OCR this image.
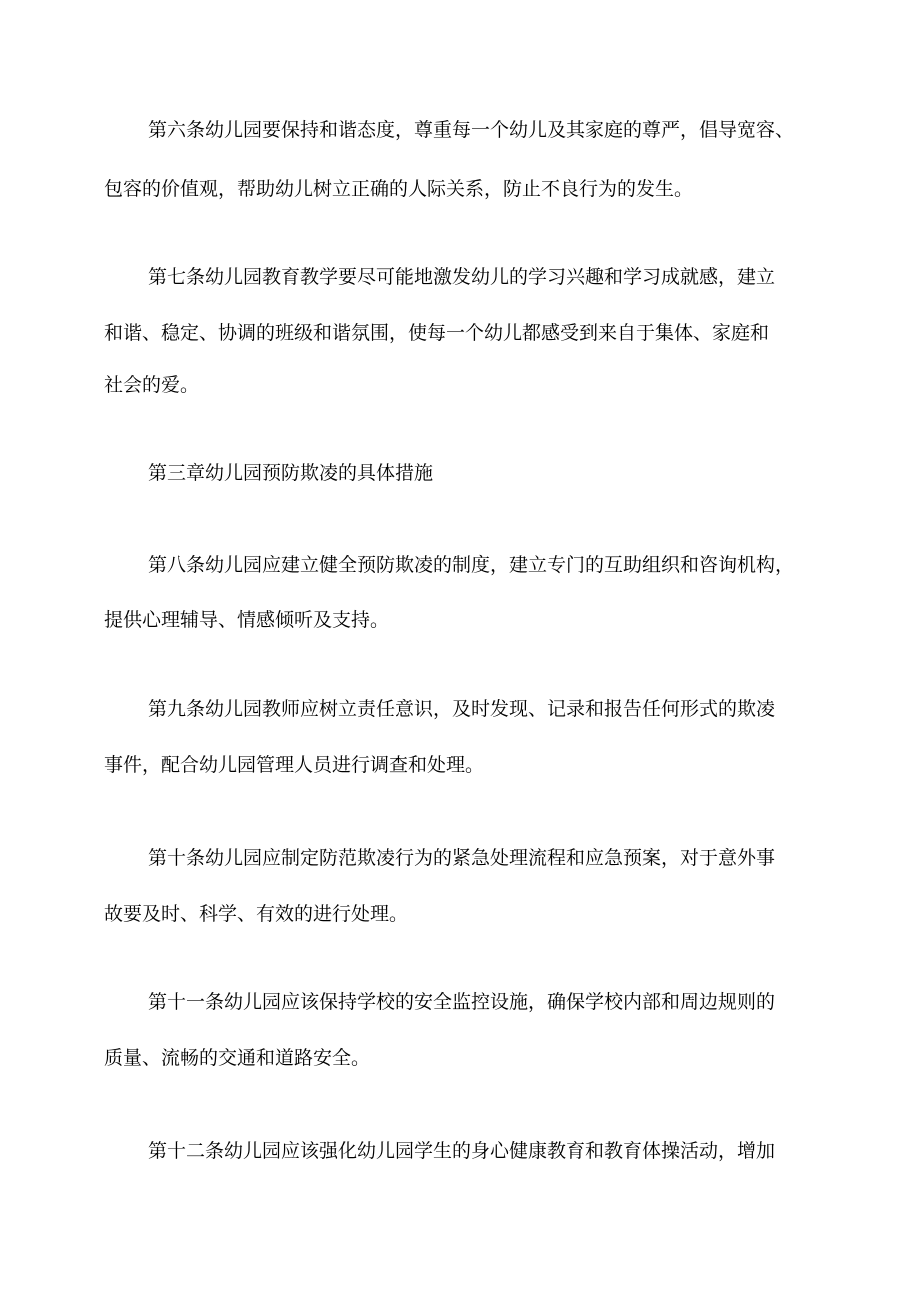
第六条幼儿园要保持和谐态度，尊重每一个幼儿及其家庭的尊严，倡导宽容、
包容的价值观，帮助幼儿树立正确的人际关系，防止不良行为的发生。
第七条幼儿园教育教学要尽可能地激发幼儿的学习兴趣和学习成就感，建立
和谐、稳定、协调的班级和谐氛围，使每一个幼儿都感受到来自于集体、家庭和
社会的爱。
第三章幼儿园预防欺凌的具体措施
第八条幼儿园应建立健全预防欺凌的制度，建立专门的互助组织和咨询机构，
提供心理辅导、情感倾听及支持。
第九条幼儿园教师应树立责任意识，及时发现、记录和报告任何形式的欺凌
事件，配合幼儿园管理人员进行调查和处理。
第十条幼儿园应制定防范欺凌行为的紧急处理流程和应急预案，对于意外事
故要及时、科学、有效的进行处理。
第十一条幼儿园应该保持学校的安全监控设施，确保学校内部和周边规则的
质量、流畅的交通和道路安全。
第十二条幼儿园应该强化幼儿园学生的身心健康教育和教育体操活动，增加
